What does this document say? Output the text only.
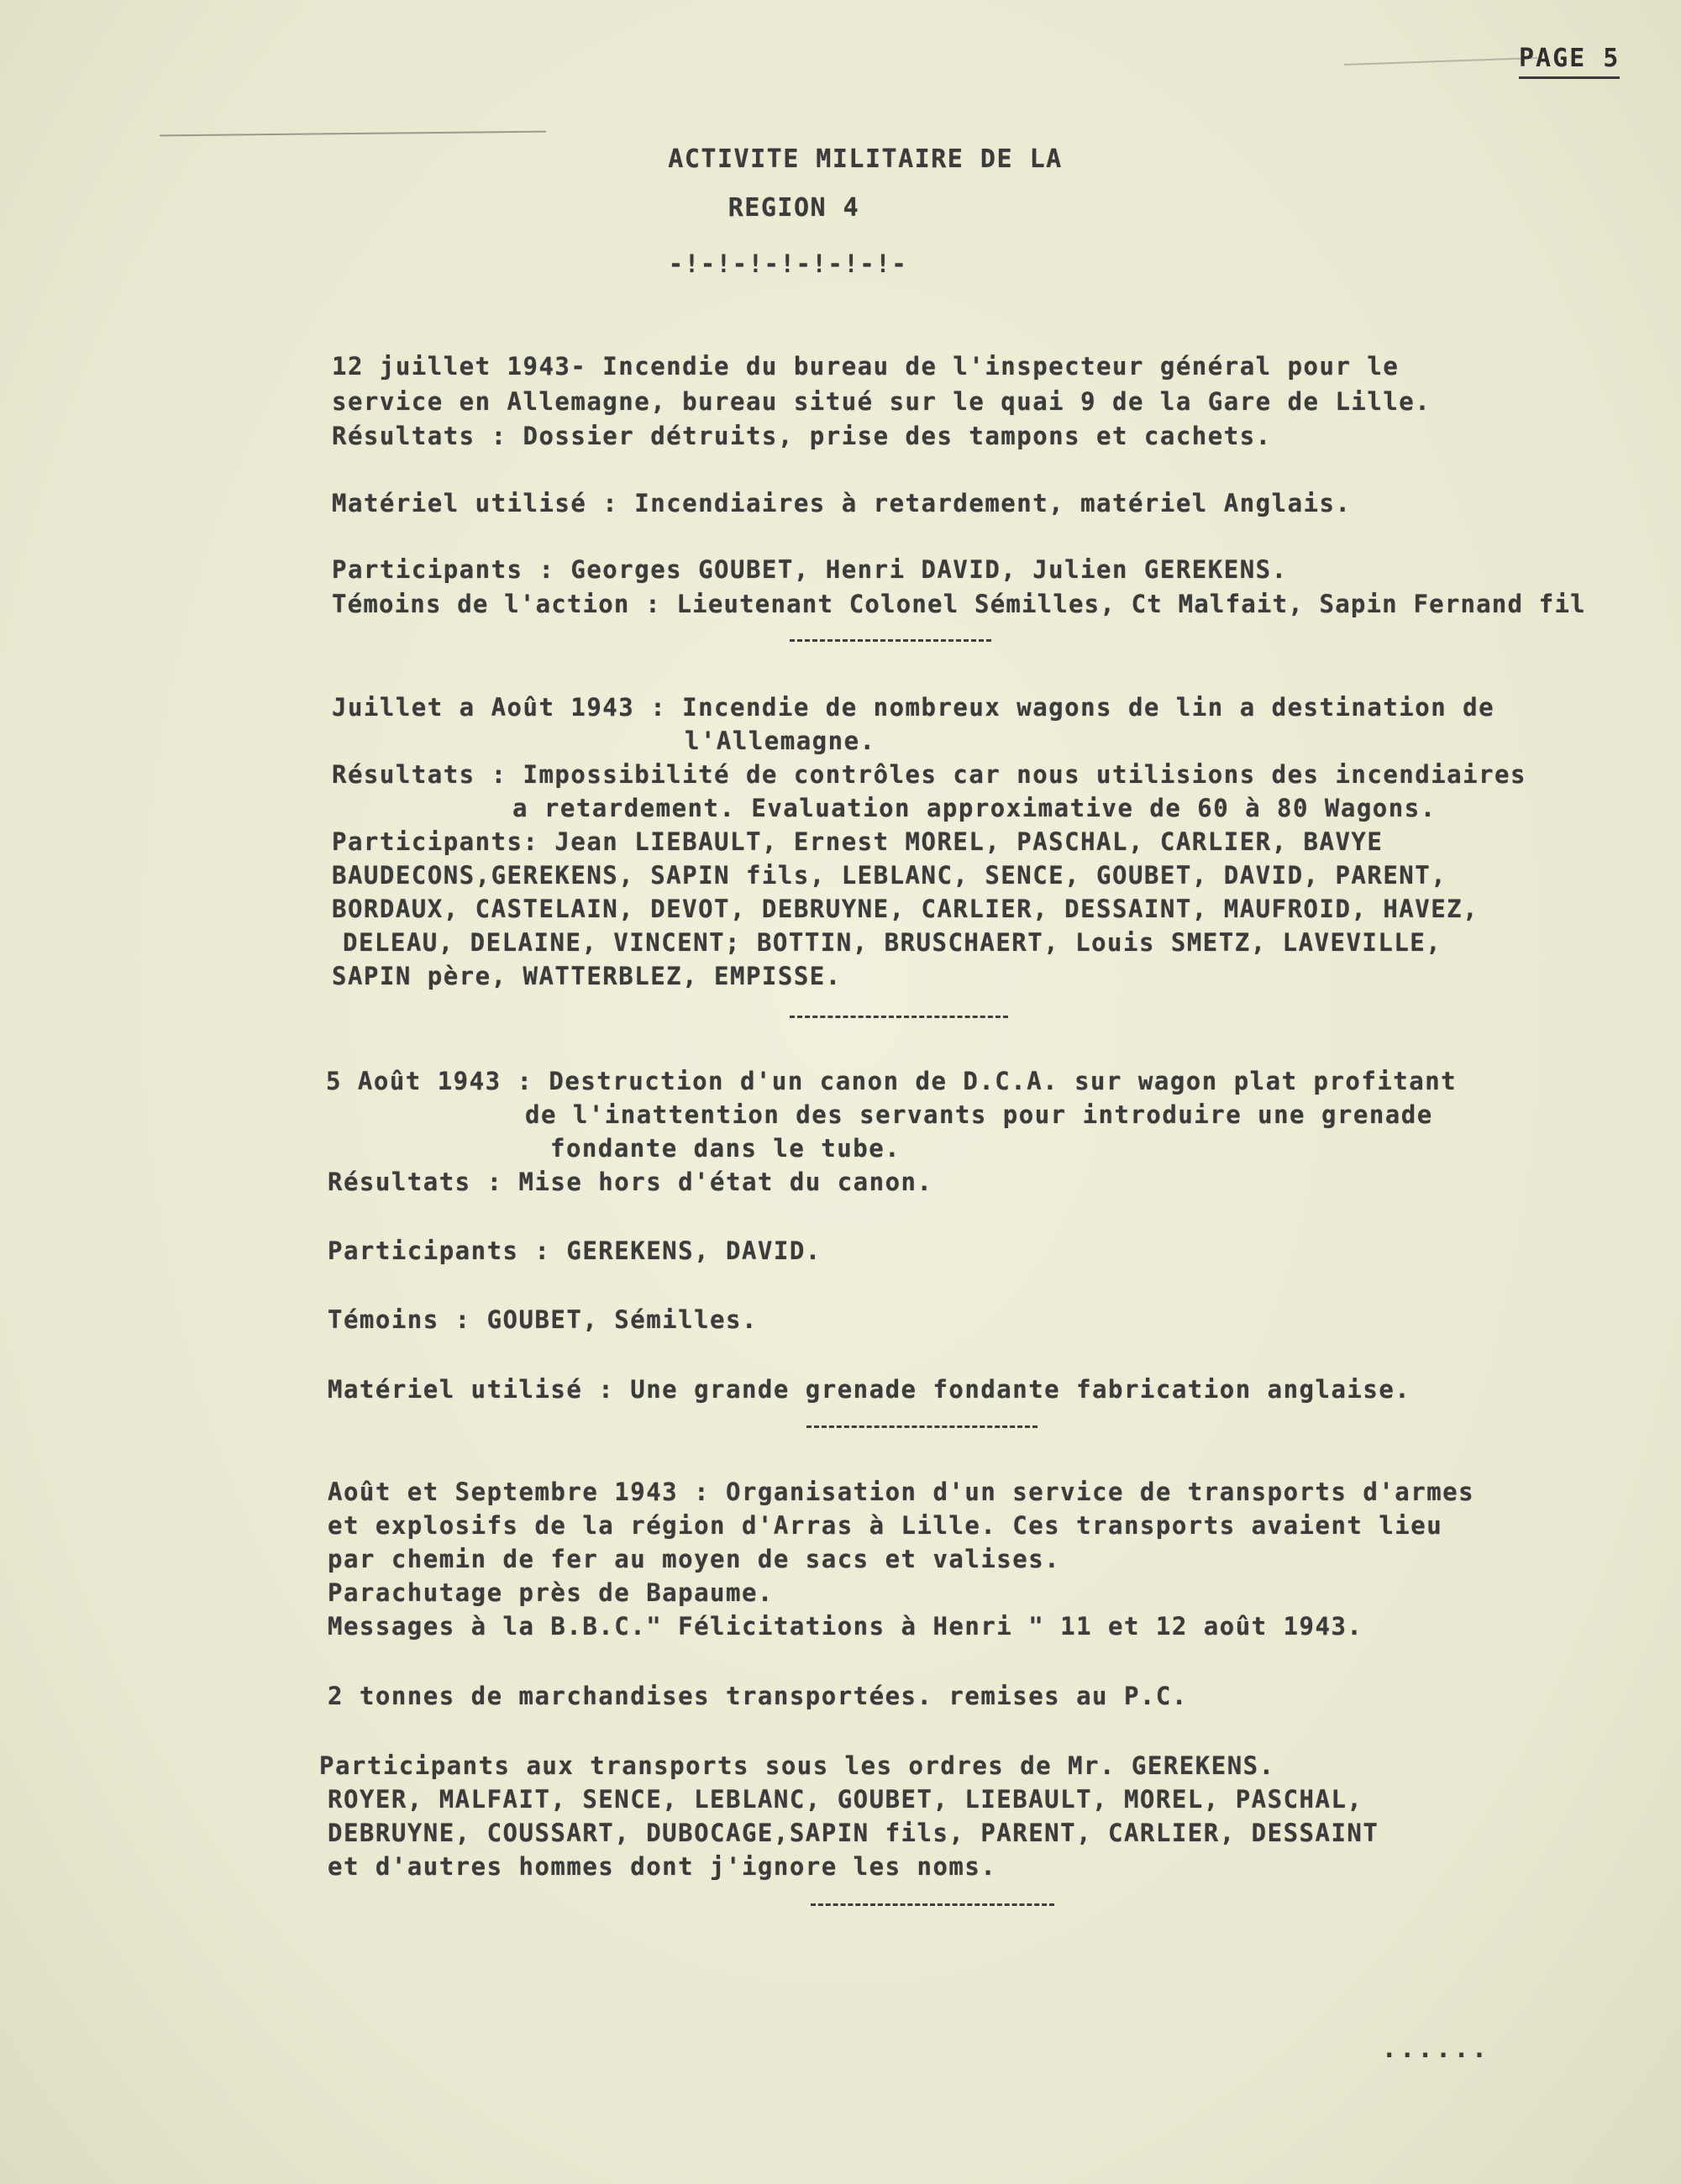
PAGE 5
ACTIVITE MILITAIRE DE LA
REGION 4
-!-!-!-!-!-!-!-
12 juillet 1943- Incendie du bureau de l'inspecteur général pour le
service en Allemagne, bureau situé sur le quai 9 de la Gare de Lille.
Résultats : Dossier détruits, prise des tampons et cachets.
Matériel utilisé : Incendiaires à retardement, matériel Anglais.
Participants : Georges GOUBET, Henri DAVID, Julien GEREKENS.
Témoins de l'action : Lieutenant Colonel Sémilles, Ct Malfait, Sapin Fernand fil
Juillet a Août 1943 : Incendie de nombreux wagons de lin a destination de
l'Allemagne.
Résultats : Impossibilité de contrôles car nous utilisions des incendiaires
a retardement. Evaluation approximative de 60 à 80 Wagons.
Participants: Jean LIEBAULT, Ernest MOREL, PASCHAL, CARLIER, BAVYE
BAUDECONS,GEREKENS, SAPIN fils, LEBLANC, SENCE, GOUBET, DAVID, PARENT,
BORDAUX, CASTELAIN, DEVOT, DEBRUYNE, CARLIER, DESSAINT, MAUFROID, HAVEZ,
DELEAU, DELAINE, VINCENT; BOTTIN, BRUSCHAERT, Louis SMETZ, LAVEVILLE,
SAPIN père, WATTERBLEZ, EMPISSE.
5 Août 1943 : Destruction d'un canon de D.C.A. sur wagon plat profitant
de l'inattention des servants pour introduire une grenade
fondante dans le tube.
Résultats : Mise hors d'état du canon.
Participants : GEREKENS, DAVID.
Témoins : GOUBET, Sémilles.
Matériel utilisé : Une grande grenade fondante fabrication anglaise.
Août et Septembre 1943 : Organisation d'un service de transports d'armes
et explosifs de la région d'Arras à Lille. Ces transports avaient lieu
par chemin de fer au moyen de sacs et valises.
Parachutage près de Bapaume.
Messages à la B.B.C." Félicitations à Henri " 11 et 12 août 1943.
2 tonnes de marchandises transportées. remises au P.C.
Participants aux transports sous les ordres de Mr. GEREKENS.
ROYER, MALFAIT, SENCE, LEBLANC, GOUBET, LIEBAULT, MOREL, PASCHAL,
DEBRUYNE, COUSSART, DUBOCAGE,SAPIN fils, PARENT, CARLIER, DESSAINT
et d'autres hommes dont j'ignore les noms.
......
